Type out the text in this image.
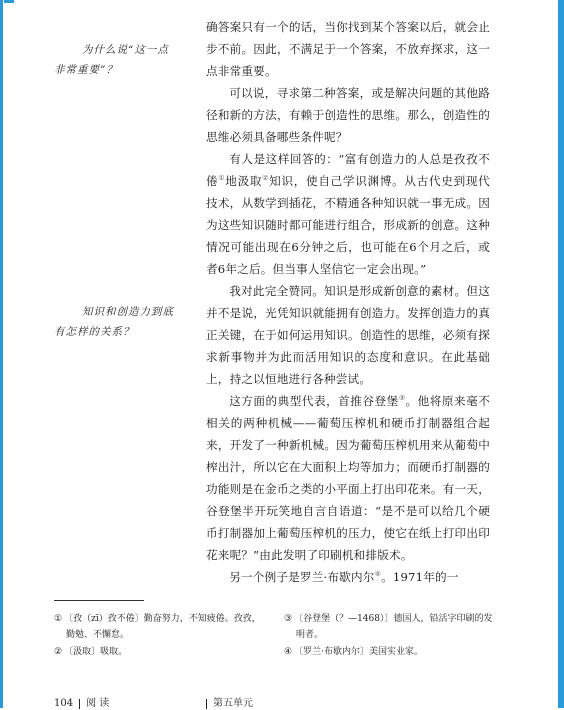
为什么说“这一点
非常重要”？
知识和创造力到底
有怎样的关系？

确答案只有一个的话，当你找到某个答案以后，就会止步不前。因此，不满足于一个答案，不放弃探求，这一点非常重要。

可以说，寻求第二种答案，或是解决问题的其他路径和新的方法，有赖于创造性的思维。那么，创造性的思维必须具备哪些条件呢？

有人是这样回答的：“富有创造力的人总是孜孜不倦①地汲取②知识，使自己学识渊博。从古代史到现代技术，从数学到插花，不精通各种知识就一事无成。因为这些知识随时都可能进行组合，形成新的创意。这种情况可能出现在6分钟之后，也可能在6个月之后，或者6年之后。但当事人坚信它一定会出现。”

我对此完全赞同。知识是形成新创意的素材。但这并不是说，光凭知识就能拥有创造力。发挥创造力的真正关键，在于如何运用知识。创造性的思维，必须有探求新事物并为此而活用知识的态度和意识。在此基础上，持之以恒地进行各种尝试。

这方面的典型代表，首推谷登堡③。他将原来毫不相关的两种机械——葡萄压榨机和硬币打制器组合起来，开发了一种新机械。因为葡萄压榨机用来从葡萄中榨出汁，所以它在大面积上均等加力；而硬币打制器的功能则是在金币之类的小平面上打出印花来。有一天，谷登堡半开玩笑地自言自语道：“是不是可以给几个硬币打制器加上葡萄压榨机的压力，使它在纸上打印出印花来呢？”由此发明了印刷机和排版术。

另一个例子是罗兰·布歇内尔④。1971年的一

① 〔孜（zī）孜不倦〕勤奋努力，不知疲倦。孜孜，勤勉、不懈怠。

② 〔汲取〕吸取。

③ 〔谷登堡（？—1468）〕德国人，铅活字印刷的发明者。

④ 〔罗兰·布歇内尔〕美国实业家。

104 阅 读	第五单元
